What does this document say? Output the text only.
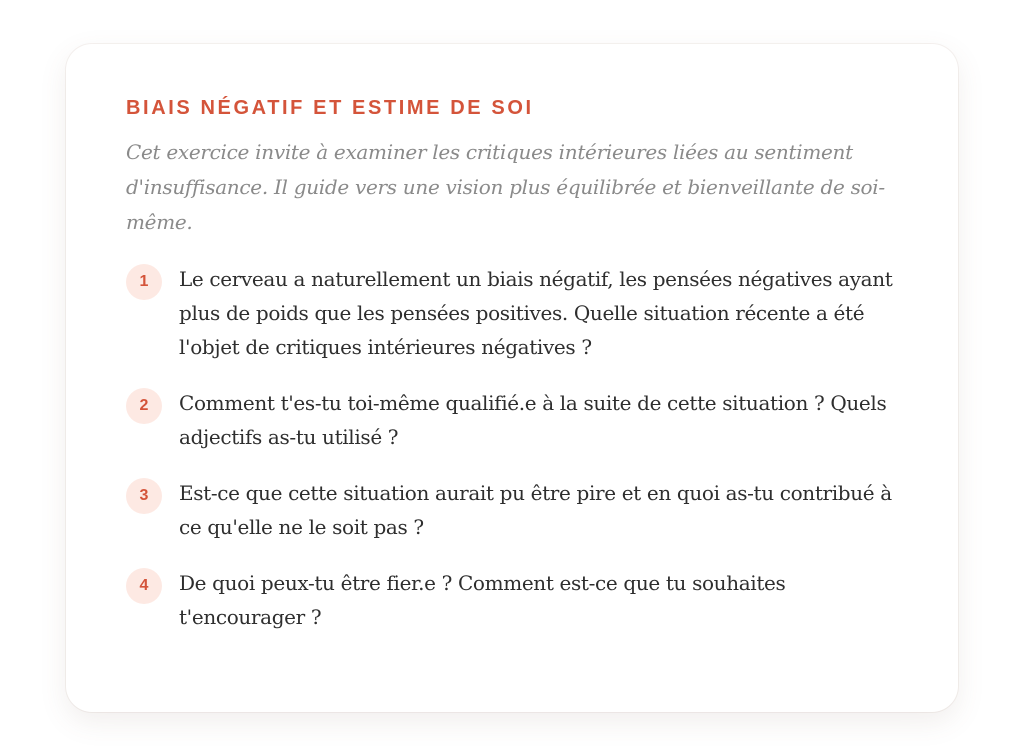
BIAIS NÉGATIF ET ESTIME DE SOI

Cet exercice invite à examiner les critiques intérieures liées au sentiment d'insuffisance. Il guide vers une vision plus équilibrée et bienveillante de soi-même.

1	Le cerveau a naturellement un biais négatif, les pensées négatives ayant plus de poids que les pensées positives. Quelle situation récente a été l'objet de critiques intérieures négatives ?

2	Comment t'es-tu toi-même qualifié.e à la suite de cette situation ? Quels adjectifs as-tu utilisé ?

3	Est-ce que cette situation aurait pu être pire et en quoi as-tu contribué à ce qu'elle ne le soit pas ?

4	De quoi peux-tu être fier.e ? Comment est-ce que tu souhaites t'encourager ?
